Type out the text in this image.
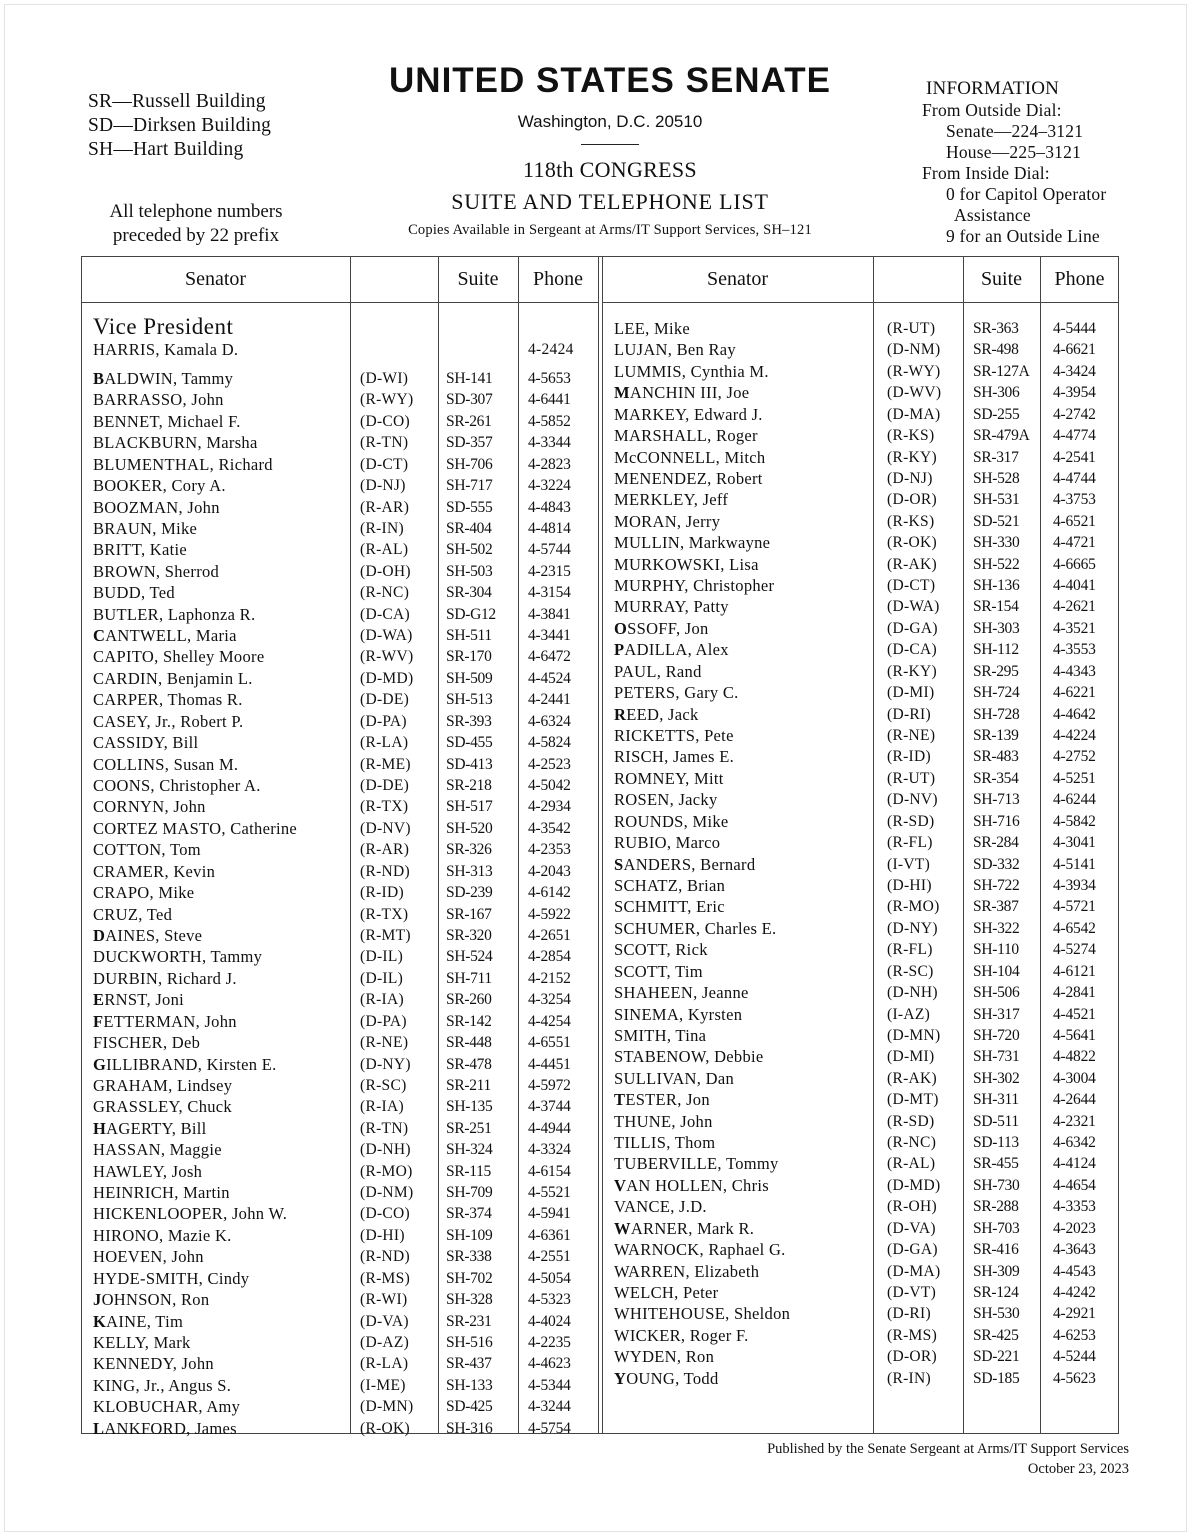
SR—Russell Building
SD—Dirksen Building
SH—Hart Building
All telephone numbers
preceded by 22 prefix
UNITED STATES SENATE
Washington, D.C. 20510
118th CONGRESS
SUITE AND TELEPHONE LIST
Copies Available in Sergeant at Arms/IT Support Services, SH–121
INFORMATION
From Outside Dial:
Senate—224–3121
House—225–3121
From Inside Dial:
0 for Capitol Operator
Assistance
9 for an Outside Line
Senator	Suite	Phone
Vice President
HARRIS, Kamala D.	4-2424
BALDWIN, Tammy	(D-WI) SH-141 4-5653
BARRASSO, John	(R-WY) SD-307 4-6441
BENNET, Michael F.	(D-CO) SR-261 4-5852
BLACKBURN, Marsha	(R-TN) SD-357 4-3344
BLUMENTHAL, Richard	(D-CT) SH-706 4-2823
BOOKER, Cory A.	(D-NJ)	SH-717 4-3224
BOOZMAN, John	(R-AR) SD-555 4-4843
BRAUN, Mike	(R-IN)	SR-404 4-4814
BRITT, Katie	(R-AL) SH-502 4-5744
BROWN, Sherrod	(D-OH) SH-503 4-2315
BUDD, Ted	(R-NC) SR-304 4-3154
BUTLER, Laphonza R.	(D-CA) SD-G12 4-3841
CANTWELL, Maria	(D-WA) SH-511 4-3441
CAPITO, Shelley Moore	(R-WV) SR-170 4-6472
CARDIN, Benjamin L.	(D-MD) SH-509 4-4524
CARPER, Thomas R.	(D-DE) SH-513 4-2441
CASEY, Jr., Robert P.	(D-PA)	SR-393 4-6324
CASSIDY, Bill	(R-LA) SD-455 4-5824
COLLINS, Susan M.	(R-ME) SD-413 4-2523
COONS, Christopher A.	(D-DE) SR-218 4-5042
CORNYN, John	(R-TX) SH-517 4-2934
CORTEZ MASTO, Catherine	(D-NV) SH-520 4-3542
COTTON, Tom	(R-AR) SR-326 4-2353
CRAMER, Kevin	(R-ND) SH-313 4-2043
CRAPO, Mike	(R-ID)	SD-239 4-6142
CRUZ, Ted	(R-TX) SR-167 4-5922
DAINES, Steve	(R-MT) SR-320 4-2651
DUCKWORTH, Tammy	(D-IL)	SH-524 4-2854
DURBIN, Richard J.	(D-IL)	SH-711 4-2152
ERNST, Joni	(R-IA)	SR-260 4-3254
FETTERMAN, John	(D-PA)	SR-142 4-4254
FISCHER, Deb	(R-NE) SR-448 4-6551
GILLIBRAND, Kirsten E.	(D-NY) SR-478 4-4451
GRAHAM, Lindsey	(R-SC)	SR-211 4-5972
GRASSLEY, Chuck	(R-IA)	SH-135 4-3744
HAGERTY, Bill	(R-TN) SR-251 4-4944
HASSAN, Maggie	(D-NH) SH-324 4-3324
HAWLEY, Josh	(R-MO) SR-115 4-6154
HEINRICH, Martin	(D-NM) SH-709 4-5521
HICKENLOOPER, John W.	(D-CO) SR-374 4-5941
HIRONO, Mazie K.	(D-HI)	SH-109 4-6361
HOEVEN, John	(R-ND) SR-338 4-2551
HYDE-SMITH, Cindy	(R-MS) SH-702 4-5054
JOHNSON, Ron	(R-WI) SH-328 4-5323
KAINE, Tim	(D-VA) SR-231 4-4024
KELLY, Mark	(D-AZ) SH-516 4-2235
KENNEDY, John	(R-LA) SR-437 4-4623
KING, Jr., Angus S.	(I-ME)	SH-133 4-5344
KLOBUCHAR, Amy	(D-MN) SD-425 4-3244
LANKFORD, James	(R-OK) SH-316 4-5754
Senator	Suite	Phone
LEE, Mike	(R-UT) SR-363 4-5444
LUJAN, Ben Ray	(D-NM) SR-498 4-6621
LUMMIS, Cynthia M.	(R-WY) SR-127A 4-3424
MANCHIN III, Joe	(D-WV) SH-306 4-3954
MARKEY, Edward J.	(D-MA) SD-255 4-2742
MARSHALL, Roger	(R-KS) SR-479A 4-4774
McCONNELL, Mitch	(R-KY) SR-317 4-2541
MENENDEZ, Robert	(D-NJ)	SH-528 4-4744
MERKLEY, Jeff	(D-OR) SH-531 4-3753
MORAN, Jerry	(R-KS) SD-521 4-6521
MULLIN, Markwayne	(R-OK) SH-330 4-4721
MURKOWSKI, Lisa	(R-AK) SH-522 4-6665
MURPHY, Christopher	(D-CT) SH-136 4-4041
MURRAY, Patty	(D-WA) SR-154 4-2621
OSSOFF, Jon	(D-GA) SH-303 4-3521
PADILLA, Alex	(D-CA) SH-112 4-3553
PAUL, Rand	(R-KY) SR-295 4-4343
PETERS, Gary C.	(D-MI) SH-724 4-6221
REED, Jack	(D-RI)	SH-728 4-4642
RICKETTS, Pete	(R-NE) SR-139 4-4224
RISCH, James E.	(R-ID)	SR-483 4-2752
ROMNEY, Mitt	(R-UT) SR-354 4-5251
ROSEN, Jacky	(D-NV) SH-713 4-6244
ROUNDS, Mike	(R-SD) SH-716 4-5842
RUBIO, Marco	(R-FL)	SR-284 4-3041
SANDERS, Bernard	(I-VT)	SD-332 4-5141
SCHATZ, Brian	(D-HI)	SH-722 4-3934
SCHMITT, Eric	(R-MO) SR-387 4-5721
SCHUMER, Charles E.	(D-NY) SH-322 4-6542
SCOTT, Rick	(R-FL)	SH-110 4-5274
SCOTT, Tim	(R-SC)	SH-104 4-6121
SHAHEEN, Jeanne	(D-NH) SH-506 4-2841
SINEMA, Kyrsten	(I-AZ)	SH-317 4-4521
SMITH, Tina	(D-MN) SH-720 4-5641
STABENOW, Debbie	(D-MI) SH-731 4-4822
SULLIVAN, Dan	(R-AK) SH-302 4-3004
TESTER, Jon	(D-MT) SH-311 4-2644
THUNE, John	(R-SD) SD-511 4-2321
TILLIS, Thom	(R-NC) SD-113 4-6342
TUBERVILLE, Tommy	(R-AL) SR-455 4-4124
VAN HOLLEN, Chris	(D-MD) SH-730 4-4654
VANCE, J.D.	(R-OH) SR-288 4-3353
WARNER, Mark R.	(D-VA) SH-703 4-2023
WARNOCK, Raphael G.	(D-GA) SR-416 4-3643
WARREN, Elizabeth	(D-MA) SH-309 4-4543
WELCH, Peter	(D-VT) SR-124 4-4242
WHITEHOUSE, Sheldon	(D-RI)	SH-530 4-2921
WICKER, Roger F.	(R-MS) SR-425 4-6253
WYDEN, Ron	(D-OR) SD-221 4-5244
YOUNG, Todd	(R-IN)	SD-185 4-5623
Published by the Senate Sergeant at Arms/IT Support Services
October 23, 2023
